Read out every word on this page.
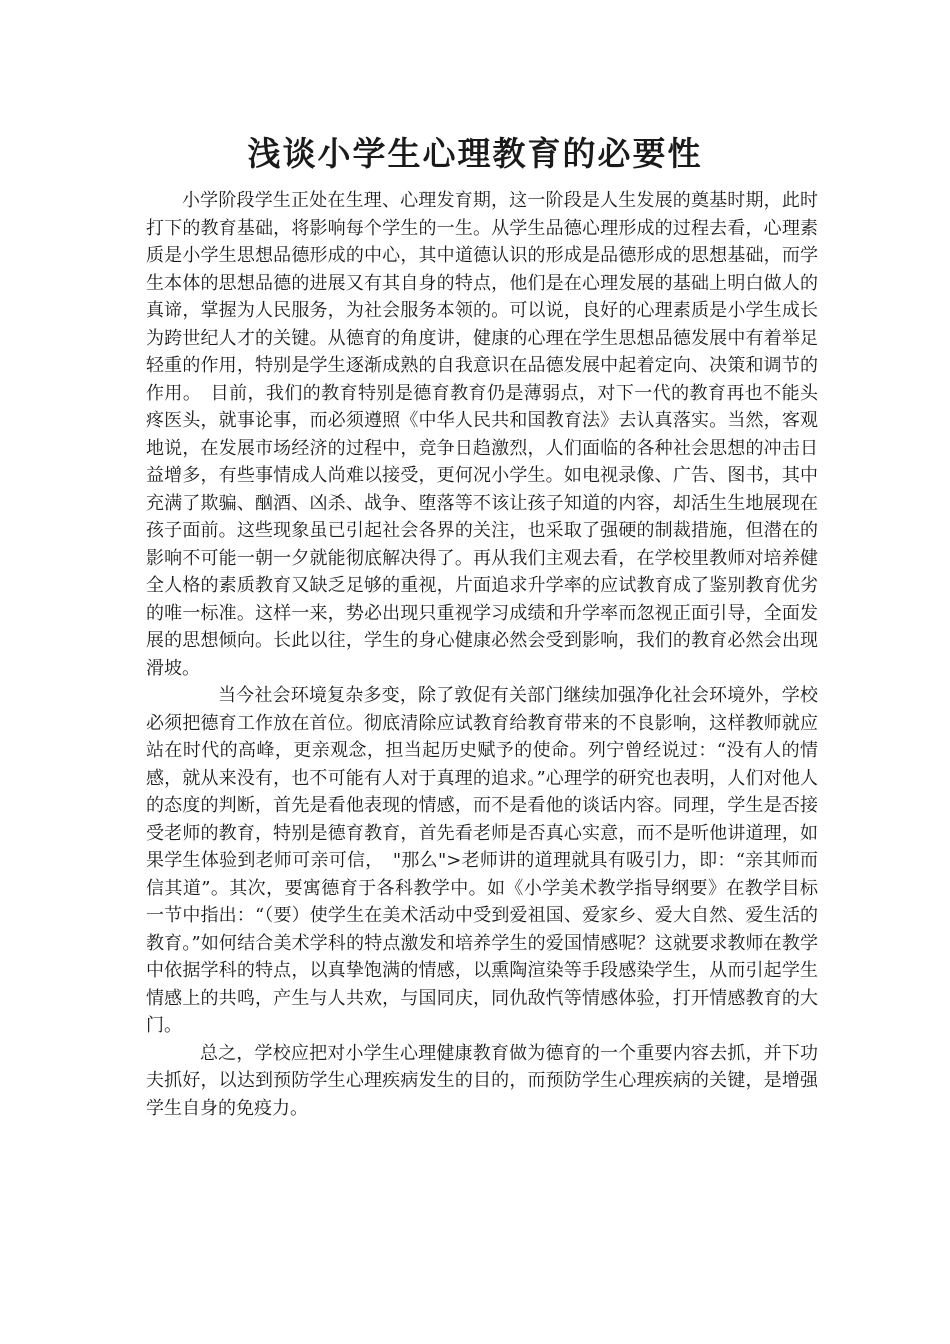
浅谈小学生心理教育的必要性

小学阶段学生正处在生理、心理发育期，这一阶段是人生发展的奠基时期，此时打下的教育基础，将影响每个学生的一生。从学生品德心理形成的过程去看，心理素质是小学生思想品德形成的中心，其中道德认识的形成是品德形成的思想基础，而学生本体的思想品德的进展又有其自身的特点，他们是在心理发展的基础上明白做人的真谛，掌握为人民服务，为社会服务本领的。可以说，良好的心理素质是小学生成长为跨世纪人才的关键。从德育的角度讲，健康的心理在学生思想品德发展中有着举足轻重的作用，特别是学生逐渐成熟的自我意识在品德发展中起着定向、决策和调节的作用。　目前，我们的教育特别是德育教育仍是薄弱点，对下一代的教育再也不能头疼医头，就事论事，而必须遵照《中华人民共和国教育法》去认真落实。当然，客观地说，在发展市场经济的过程中，竞争日趋激烈，人们面临的各种社会思想的冲击日益增多，有些事情成人尚难以接受，更何况小学生。如电视录像、广告、图书，其中充满了欺骗、酗酒、凶杀、战争、堕落等不该让孩子知道的内容，却活生生地展现在孩子面前。这些现象虽已引起社会各界的关注，也采取了强硬的制裁措施，但潜在的影响不可能一朝一夕就能彻底解决得了。再从我们主观去看，在学校里教师对培养健全人格的素质教育又缺乏足够的重视，片面追求升学率的应试教育成了鉴别教育优劣的唯一标准。这样一来，势必出现只重视学习成绩和升学率而忽视正面引导，全面发展的思想倾向。长此以往，学生的身心健康必然会受到影响，我们的教育必然会出现滑坡。

当今社会环境复杂多变，除了敦促有关部门继续加强净化社会环境外，学校必须把德育工作放在首位。彻底清除应试教育给教育带来的不良影响，这样教师就应站在时代的高峰，更亲观念，担当起历史赋予的使命。列宁曾经说过：“没有人的情感，就从来没有，也不可能有人对于真理的追求。”心理学的研究也表明，人们对他人的态度的判断，首先是看他表现的情感，而不是看他的谈话内容。同理，学生是否接受老师的教育，特别是德育教育，首先看老师是否真心实意，而不是听他讲道理，如果学生体验到老师可亲可信，　"那么">老师讲的道理就具有吸引力，即：“亲其师而信其道”。其次，要寓德育于各科教学中。如《小学美术教学指导纲要》在教学目标一节中指出：“（要）使学生在美术活动中受到爱祖国、爱家乡、爱大自然、爱生活的教育。”如何结合美术学科的特点激发和培养学生的爱国情感呢？这就要求教师在教学中依据学科的特点，以真挚饱满的情感，以熏陶渲染等手段感染学生，从而引起学生情感上的共鸣，产生与人共欢，与国同庆，同仇敌忾等情感体验，打开情感教育的大门。

总之，学校应把对小学生心理健康教育做为德育的一个重要内容去抓，并下功夫抓好，以达到预防学生心理疾病发生的目的，而预防学生心理疾病的关键，是增强学生自身的免疫力。
